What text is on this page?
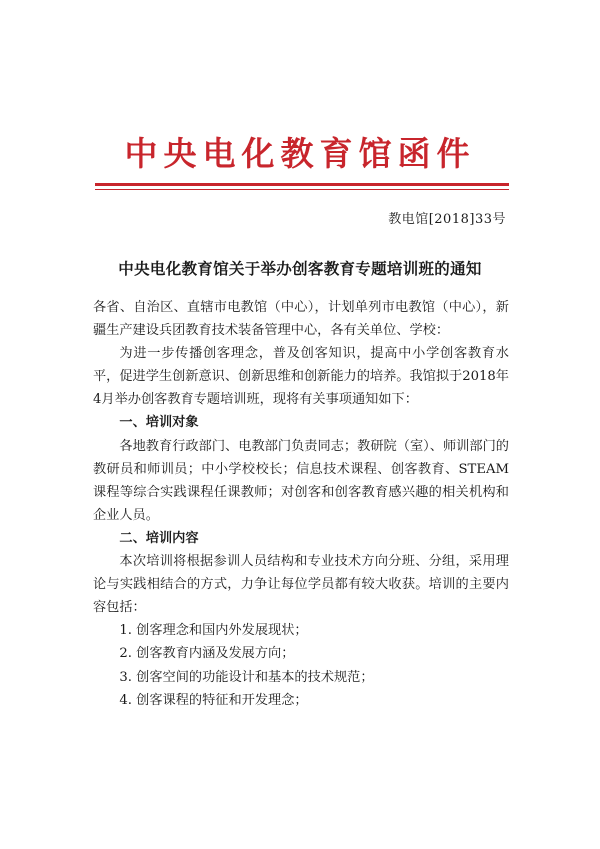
中央电化教育馆函件
教电馆[2018]33号
中央电化教育馆关于举办创客教育专题培训班的通知

各省、自治区、直辖市电教馆（中心），计划单列市电教馆（中心），新疆生产建设兵团教育技术装备管理中心，各有关单位、学校：

为进一步传播创客理念，普及创客知识，提高中小学创客教育水平，促进学生创新意识、创新思维和创新能力的培养。我馆拟于2018年4月举办创客教育专题培训班，现将有关事项通知如下：

一、培训对象

各地教育行政部门、电教部门负责同志；教研院（室）、师训部门的教研员和师训员；中小学校校长；信息技术课程、创客教育、STEAM课程等综合实践课程任课教师；对创客和创客教育感兴趣的相关机构和企业人员。

二、培训内容

本次培训将根据参训人员结构和专业技术方向分班、分组，采用理论与实践相结合的方式，力争让每位学员都有较大收获。培训的主要内容包括：

1. 创客理念和国内外发展现状；

2. 创客教育内涵及发展方向；

3. 创客空间的功能设计和基本的技术规范；

4. 创客课程的特征和开发理念；
